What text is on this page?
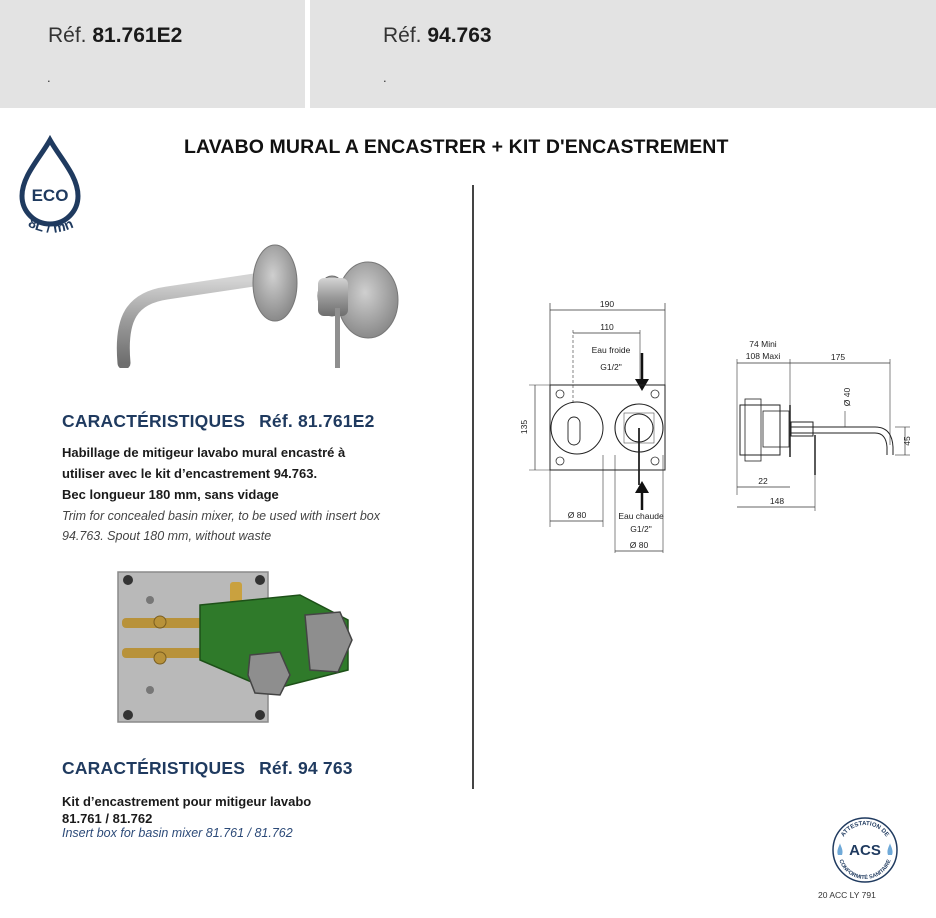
Réf. 81.761E2
.
Réf. 94.763
.
LAVABO MURAL A ENCASTRER + KIT D'ENCASTREMENT
ECO
8L / mn
CARACTÉRISTIQUES Réf. 81.761E2
Habillage de mitigeur lavabo mural encastré à
utiliser avec le kit d’encastrement 94.763.
Bec longueur 180 mm, sans vidage
Trim for concealed basin mixer, to be used with insert box
94.763. Spout 180 mm, without waste
CARACTÉRISTIQUES Réf. 94 763
Kit d’encastrement pour mitigeur lavabo
81.761 / 81.762
Insert box for basin mixer 81.761 / 81.762
190
110
Eau froide
G1/2"
135
Eau chaude
G1/2"
Ø 80
Ø 80
74 Mini
108 Maxi	175
Ø 40
45
22
148
ATTESTATION DE
CONFORMITÉ SANITAIRE
ACS
20 ACC LY 791
